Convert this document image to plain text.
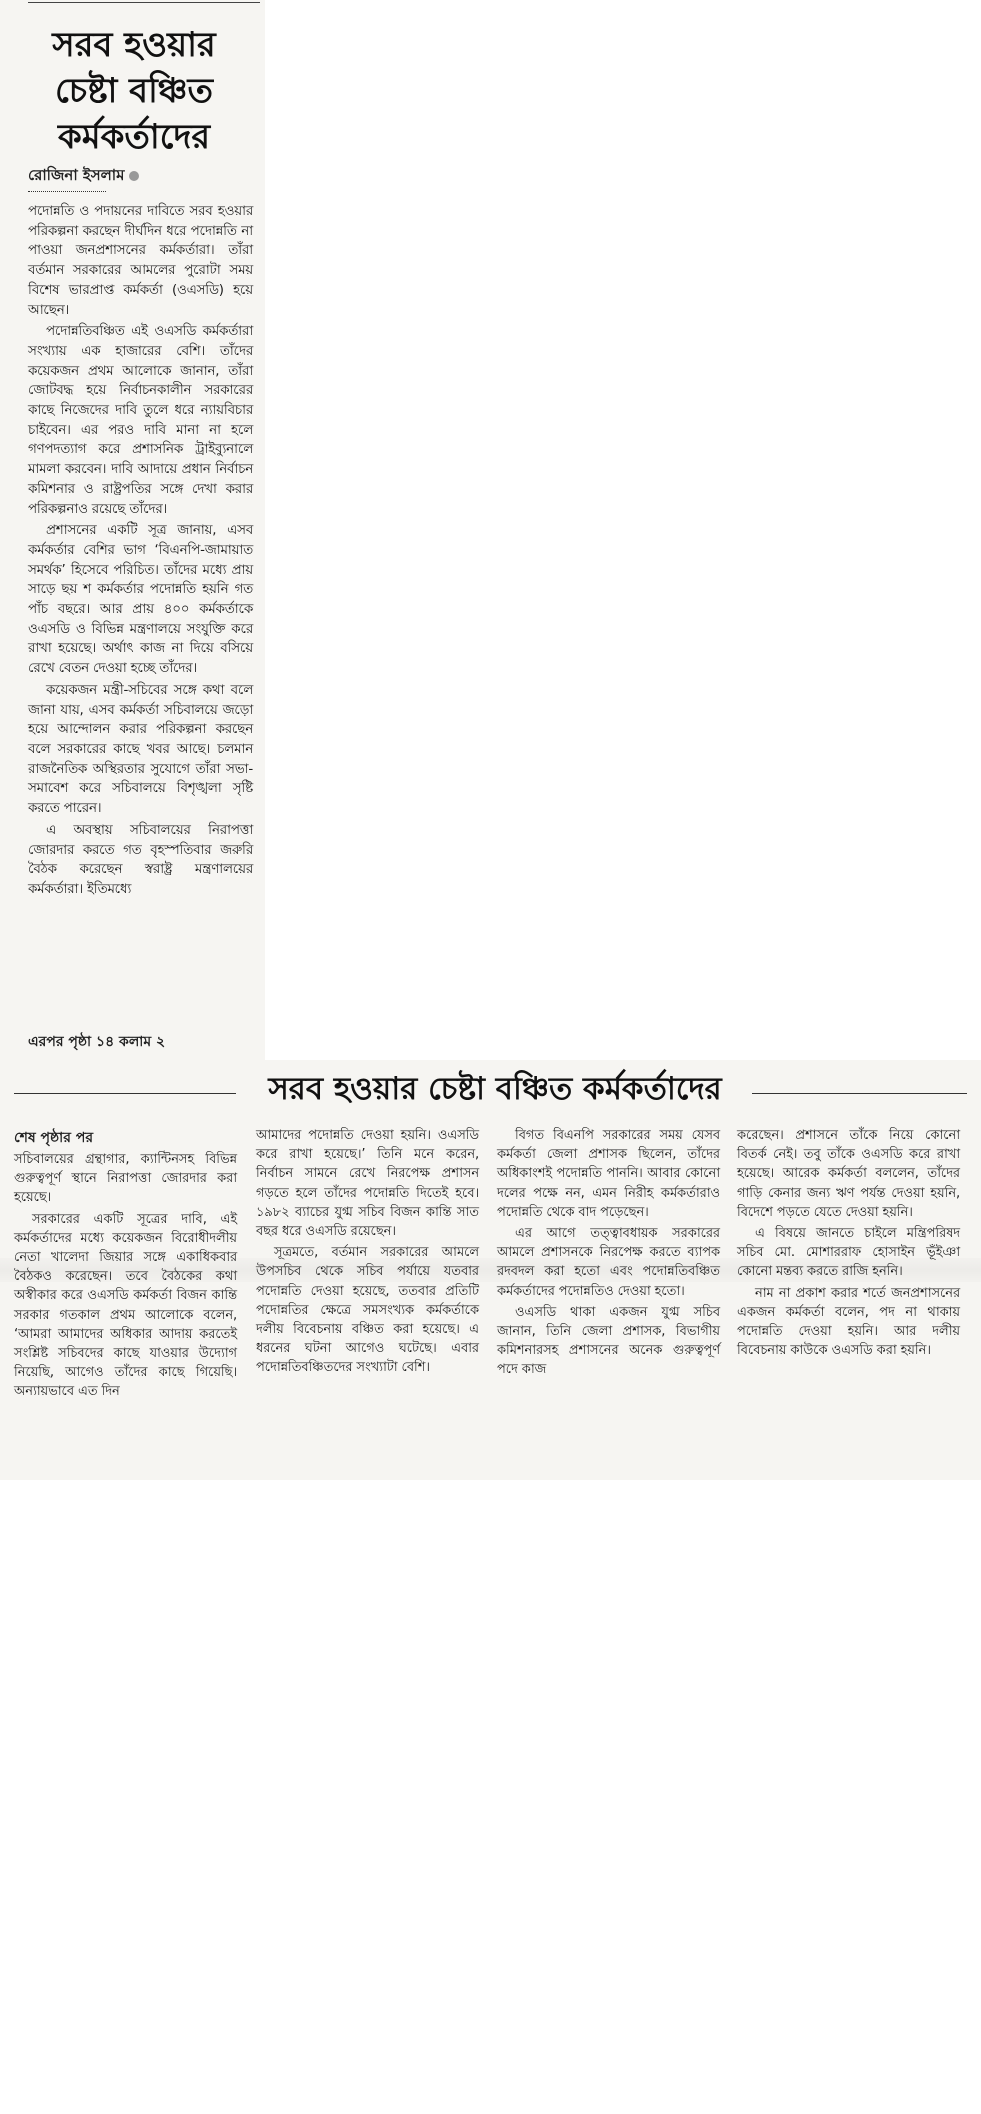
সরব হওয়ার
চেষ্টা বঞ্চিত
কর্মকর্তাদের
রোজিনা ইসলাম

পদোন্নতি ও পদায়নের দাবিতে সরব হওয়ার পরিকল্পনা করছেন দীর্ঘদিন ধরে পদোন্নতি না পাওয়া জনপ্রশাসনের কর্মকর্তারা। তাঁরা বর্তমান সরকারের আমলের পুরোটা সময় বিশেষ ভারপ্রাপ্ত কর্মকর্তা (ওএসডি) হয়ে আছেন।

পদোন্নতিবঞ্চিত এই ওএসডি কর্মকর্তারা সংখ্যায় এক হাজারের বেশি। তাঁদের কয়েকজন প্রথম আলোকে জানান, তাঁরা জোটবদ্ধ হয়ে নির্বাচনকালীন সরকারের কাছে নিজেদের দাবি তুলে ধরে ন্যায়বিচার চাইবেন। এর পরও দাবি মানা না হলে গণপদত্যাগ করে প্রশাসনিক ট্রাইব্যুনালে মামলা করবেন। দাবি আদায়ে প্রধান নির্বাচন কমিশনার ও রাষ্ট্রপতির সঙ্গে দেখা করার পরিকল্পনাও রয়েছে তাঁদের।

প্রশাসনের একটি সূত্র জানায়, এসব কর্মকর্তার বেশির ভাগ ‘বিএনপি-জামায়াত সমর্থক’ হিসেবে পরিচিত। তাঁদের মধ্যে প্রায় সাড়ে ছয় শ কর্মকর্তার পদোন্নতি হয়নি গত পাঁচ বছরে। আর প্রায় ৪০০ কর্মকর্তাকে ওএসডি ও বিভিন্ন মন্ত্রণালয়ে সংযুক্তি করে রাখা হয়েছে। অর্থাৎ কাজ না দিয়ে বসিয়ে রেখে বেতন দেওয়া হচ্ছে তাঁদের।

কয়েকজন মন্ত্রী-সচিবের সঙ্গে কথা বলে জানা যায়, এসব কর্মকর্তা সচিবালয়ে জড়ো হয়ে আন্দোলন করার পরিকল্পনা করছেন বলে সরকারের কাছে খবর আছে। চলমান রাজনৈতিক অস্থিরতার সুযোগে তাঁরা সভা-সমাবেশ করে সচিবালয়ে বিশৃঙ্খলা সৃষ্টি করতে পারেন।

এ অবস্থায় সচিবালয়ের নিরাপত্তা জোরদার করতে গত বৃহস্পতিবার জরুরি বৈঠক করেছেন স্বরাষ্ট্র মন্ত্রণালয়ের কর্মকর্তারা। ইতিমধ্যে

এরপর পৃষ্ঠা ১৪ কলাম ২
সরব হওয়ার চেষ্টা বঞ্চিত কর্মকর্তাদের
শেষ পৃষ্ঠার পর

সচিবালয়ের গ্রন্থাগার, ক্যান্টিনসহ বিভিন্ন গুরুত্বপূর্ণ স্থানে নিরাপত্তা জোরদার করা হয়েছে।

সরকারের একটি সূত্রের দাবি, এই কর্মকর্তাদের মধ্যে কয়েকজন বিরোধীদলীয় নেতা খালেদা জিয়ার সঙ্গে একাধিকবার বৈঠকও করেছেন। তবে বৈঠকের কথা অস্বীকার করে ওএসডি কর্মকর্তা বিজন কান্তি সরকার গতকাল প্রথম আলোকে বলেন, ‘আমরা আমাদের অধিকার আদায় করতেই সংশ্লিষ্ট সচিবদের কাছে যাওয়ার উদ্যোগ নিয়েছি, আগেও তাঁদের কাছে গিয়েছি। অন্যায়ভাবে এত দিন

আমাদের পদোন্নতি দেওয়া হয়নি। ওএসডি করে রাখা হয়েছে।’ তিনি মনে করেন, নির্বাচন সামনে রেখে নিরপেক্ষ প্রশাসন গড়তে হলে তাঁদের পদোন্নতি দিতেই হবে। ১৯৮২ ব্যাচের যুগ্ম সচিব বিজন কান্তি সাত বছর ধরে ওএসডি রয়েছেন।

সূত্রমতে, বর্তমান সরকারের আমলে উপসচিব থেকে সচিব পর্যায়ে যতবার পদোন্নতি দেওয়া হয়েছে, ততবার প্রতিটি পদোন্নতির ক্ষেত্রে সমসংখ্যক কর্মকর্তাকে দলীয় বিবেচনায় বঞ্চিত করা হয়েছে। এ ধরনের ঘটনা আগেও ঘটেছে। এবার পদোন্নতিবঞ্চিতদের সংখ্যাটা বেশি।

বিগত বিএনপি সরকারের সময় যেসব কর্মকর্তা জেলা প্রশাসক ছিলেন, তাঁদের অধিকাংশই পদোন্নতি পাননি। আবার কোনো দলের পক্ষে নন, এমন নিরীহ কর্মকর্তারাও পদোন্নতি থেকে বাদ পড়েছেন।

এর আগে তত্ত্বাবধায়ক সরকারের আমলে প্রশাসনকে নিরপেক্ষ করতে ব্যাপক রদবদল করা হতো এবং পদোন্নতিবঞ্চিত কর্মকর্তাদের পদোন্নতিও দেওয়া হতো।

ওএসডি থাকা একজন যুগ্ম সচিব জানান, তিনি জেলা প্রশাসক, বিভাগীয় কমিশনারসহ প্রশাসনের অনেক গুরুত্বপূর্ণ পদে কাজ

করেছেন। প্রশাসনে তাঁকে নিয়ে কোনো বিতর্ক নেই। তবু তাঁকে ওএসডি করে রাখা হয়েছে। আরেক কর্মকর্তা বললেন, তাঁদের গাড়ি কেনার জন্য ঋণ পর্যন্ত দেওয়া হয়নি, বিদেশে পড়তে যেতে দেওয়া হয়নি।

এ বিষয়ে জানতে চাইলে মন্ত্রিপরিষদ সচিব মো. মোশাররাফ হোসাইন ভূঁইঞা কোনো মন্তব্য করতে রাজি হননি।

নাম না প্রকাশ করার শর্তে জনপ্রশাসনের একজন কর্মকর্তা বলেন, পদ না থাকায় পদোন্নতি দেওয়া হয়নি। আর দলীয় বিবেচনায় কাউকে ওএসডি করা হয়নি।
